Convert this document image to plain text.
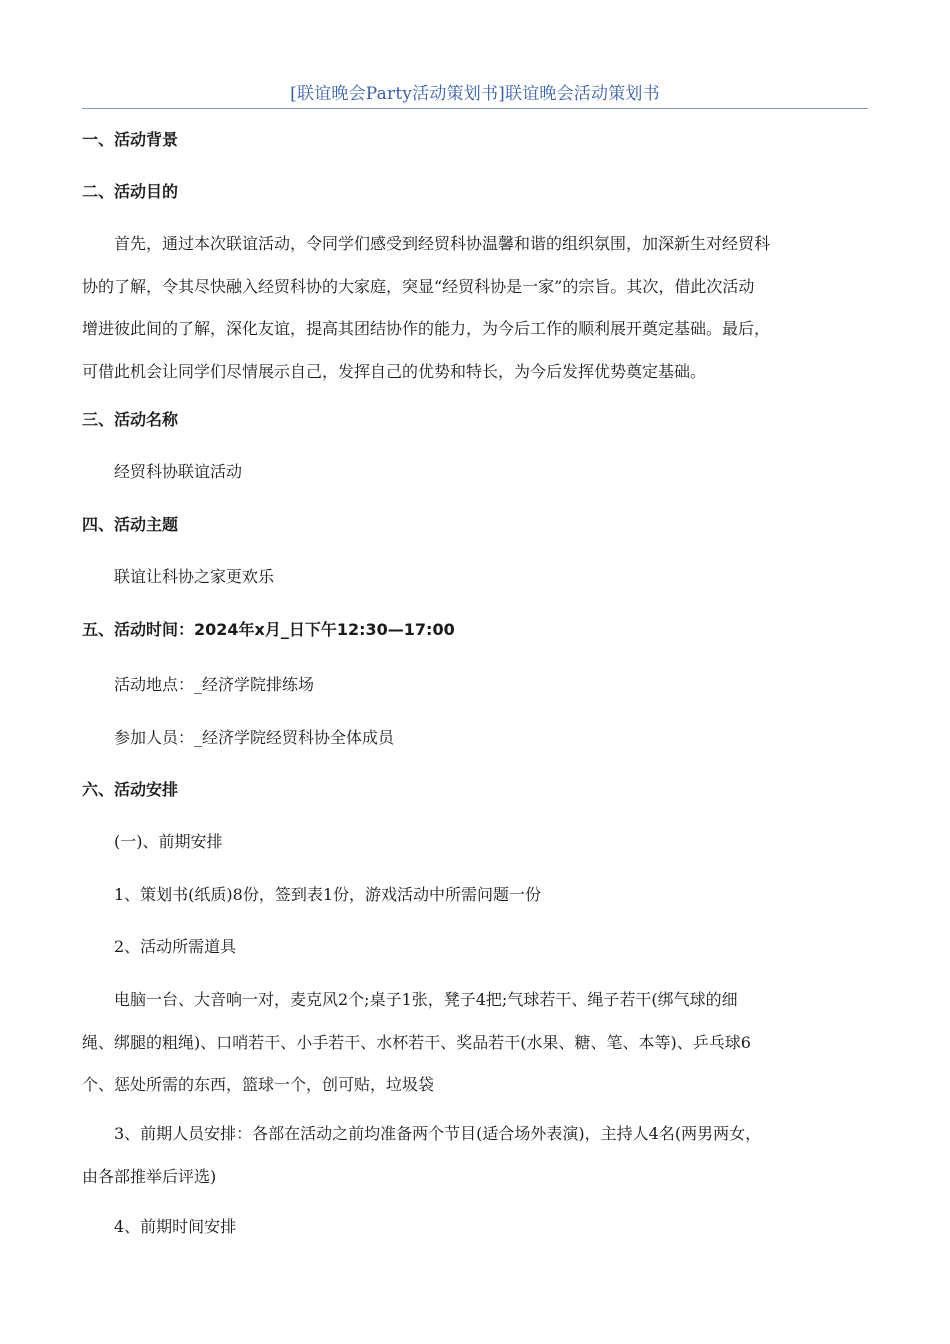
[联谊晚会Party活动策划书]联谊晚会活动策划书

一、活动背景

二、活动目的

首先，通过本次联谊活动，令同学们感受到经贸科协温馨和谐的组织氛围，加深新生对经贸科
协的了解，令其尽快融入经贸科协的大家庭，突显“经贸科协是一家”的宗旨。其次，借此次活动
增进彼此间的了解，深化友谊，提高其团结协作的能力，为今后工作的顺利展开奠定基础。最后，
可借此机会让同学们尽情展示自己，发挥自己的优势和特长，为今后发挥优势奠定基础。

三、活动名称

经贸科协联谊活动

四、活动主题

联谊让科协之家更欢乐

五、活动时间：2024年x月_日下午12:30—17:00

活动地点：_经济学院排练场

参加人员：_经济学院经贸科协全体成员

六、活动安排

(一)、前期安排

1、策划书(纸质)8份，签到表1份，游戏活动中所需问题一份

2、活动所需道具

电脑一台、大音响一对，麦克风2个;桌子1张，凳子4把;气球若干、绳子若干(绑气球的细
绳、绑腿的粗绳)、口哨若干、小手若干、水杯若干、奖品若干(水果、糖、笔、本等)、乒乓球6
个、惩处所需的东西，篮球一个，创可贴，垃圾袋
3、前期人员安排：各部在活动之前均准备两个节目(适合场外表演)，主持人4名(两男两女，
由各部推举后评选)

4、前期时间安排
